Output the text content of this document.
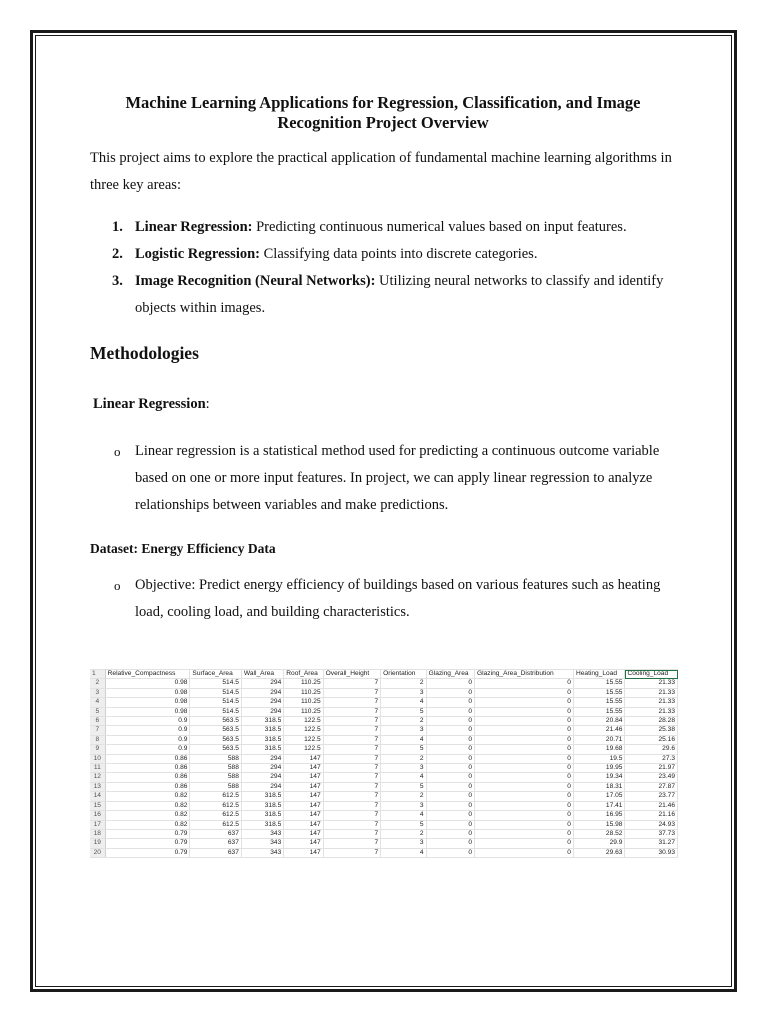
Machine Learning Applications for Regression, Classification, and Image Recognition Project Overview

This project aims to explore the practical application of fundamental machine learning algorithms in three key areas:

1. Linear Regression: Predicting continuous numerical values based on input features.
2. Logistic Regression: Classifying data points into discrete categories.
3. Image Recognition (Neural Networks): Utilizing neural networks to classify and identify objects within images.
Methodologies

Linear Regression:

o Linear regression is a statistical method used for predicting a continuous outcome variable based on one or more input features. In project, we can apply linear regression to analyze relationships between variables and make predictions.
Dataset: Energy Efficiency Data
o Objective: Predict energy efficiency of buildings based on various features such as heating load, cooling load, and building characteristics.
1	Relative_Compactness	Surface_Area	Wall_Area	Roof_Area	Overall_Height	Orientation	Glazing_Area	Glazing_Area_Distribution	Heating_Load	Cooling_Load
2	0.98	514.5	294	110.25	7	2	0	0	15.55	21.33
3	0.98	514.5	294	110.25	7	3	0	0	15.55	21.33
4	0.98	514.5	294	110.25	7	4	0	0	15.55	21.33
5	0.98	514.5	294	110.25	7	5	0	0	15.55	21.33
6	0.9	563.5	318.5	122.5	7	2	0	0	20.84	28.28
7	0.9	563.5	318.5	122.5	7	3	0	0	21.46	25.38
8	0.9	563.5	318.5	122.5	7	4	0	0	20.71	25.16
9	0.9	563.5	318.5	122.5	7	5	0	0	19.68	29.6
10	0.86	588	294	147	7	2	0	0	19.5	27.3
11	0.86	588	294	147	7	3	0	0	19.95	21.97
12	0.86	588	294	147	7	4	0	0	19.34	23.49
13	0.86	588	294	147	7	5	0	0	18.31	27.87
14	0.82	612.5	318.5	147	7	2	0	0	17.05	23.77
15	0.82	612.5	318.5	147	7	3	0	0	17.41	21.46
16	0.82	612.5	318.5	147	7	4	0	0	16.95	21.16
17	0.82	612.5	318.5	147	7	5	0	0	15.98	24.93
18	0.79	637	343	147	7	2	0	0	28.52	37.73
19	0.79	637	343	147	7	3	0	0	29.9	31.27
20	0.79	637	343	147	7	4	0	0	29.63	30.93
